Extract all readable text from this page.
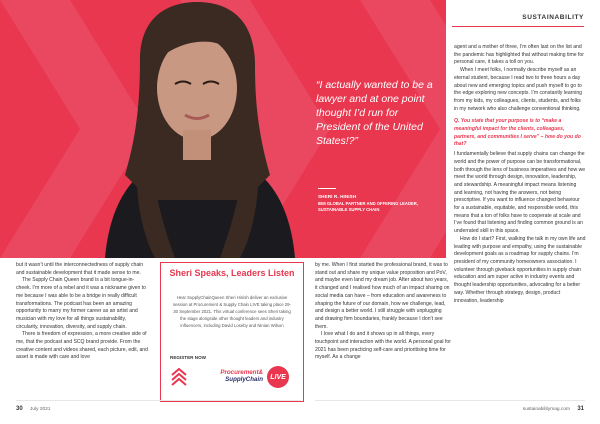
“I actually wanted to be a lawyer and at one point thought I’d run for President of the United States!?”
SHERI R. HINISH
IBM GLOBAL PARTNER AND OFFERING LEADER, SUSTAINABLE SUPPLY CHAIN
SUSTAINABILITY

but it wasn’t until the interconnectedness of supply chain and sustainable development that it made sense to me.

The Supply Chain Queen brand is a bit tongue-in-cheek. I’m more of a rebel and it was a nickname given to me because I was able to be a bridge in really difficult transformations. The podcast has been an amazing opportunity to marry my former career as an artist and musician with my love for all things sustainability, circularity, innovation, diversity, and supply chain.

There is freedom of expression, a more creative side of me, that the podcast and SCQ brand provide. From the creative content and videos shared, each picture, edit, and asset is made with care and love

Sheri Speaks, Leaders Listen
Hear SupplyChainQueen Sheri Hinish deliver an exclusive session at Procurement & Supply Chain LIVE taking place 29-30 September 2021. This virtual conference sees Sheri taking the stage alongside other thought leaders and industry influencers, including David Loseby and Ninian Wilson
REGISTER NOW
Procurement&
SupplyChain	LIVE

by me. When I first started the professional brand, it was to stand out and share my unique value proposition and PoV, and maybe even land my dream job. After about two years, it changed and I realised how much of an impact sharing on social media can have – from education and awareness to shaping the future of our domain, how we challenge, lead, and design a better world. I still struggle with unplugging and drawing firm boundaries, frankly because I don’t see them.

I love what I do and it shows up in all things, every touchpoint and interaction with the world. A personal goal for 2021 has been practicing self-care and prioritising time for myself. As a change

agent and a mother of three, I’m often last on the list and the pandemic has highlighted that without making time for personal care, it takes a toll on you.

When I meet folks, I normally describe myself as an eternal student, because I read two to three hours a day about new and emerging topics and push myself to go to the edge exploring new concepts. I’m constantly learning from my kids, my colleagues, clients, students, and folks in my network who also challenge conventional thinking.

Q. You state that your purpose is to “make a meaningful impact for the clients, colleagues, partners, and communities I serve” – how do you do that?

I fundamentally believe that supply chains can change the world and the power of purpose can be transformational, both through the lens of business imperatives and how we meet the world through design, innovation, leadership, and stewardship. A meaningful impact means listening and learning, not having the answers, not being prescriptive. If you want to influence changed behaviour for a sustainable, equitable, and responsible world, this means that a ton of folks have to cooperate at scale and I’ve found that listening and finding common ground is an underrated skill in this space.

How do I start? First, walking the talk in my own life and leading with purpose and empathy, using the sustainable development goals as a roadmap for supply chains. I’m president of my community homeowners association. I volunteer through giveback opportunities in supply chain education and am super active in industry events and thought leadership opportunities, advocating for a better way. Whether through strategy, design, product innovation, leadership

30 July 2021	sustainabilitymag.com 31
